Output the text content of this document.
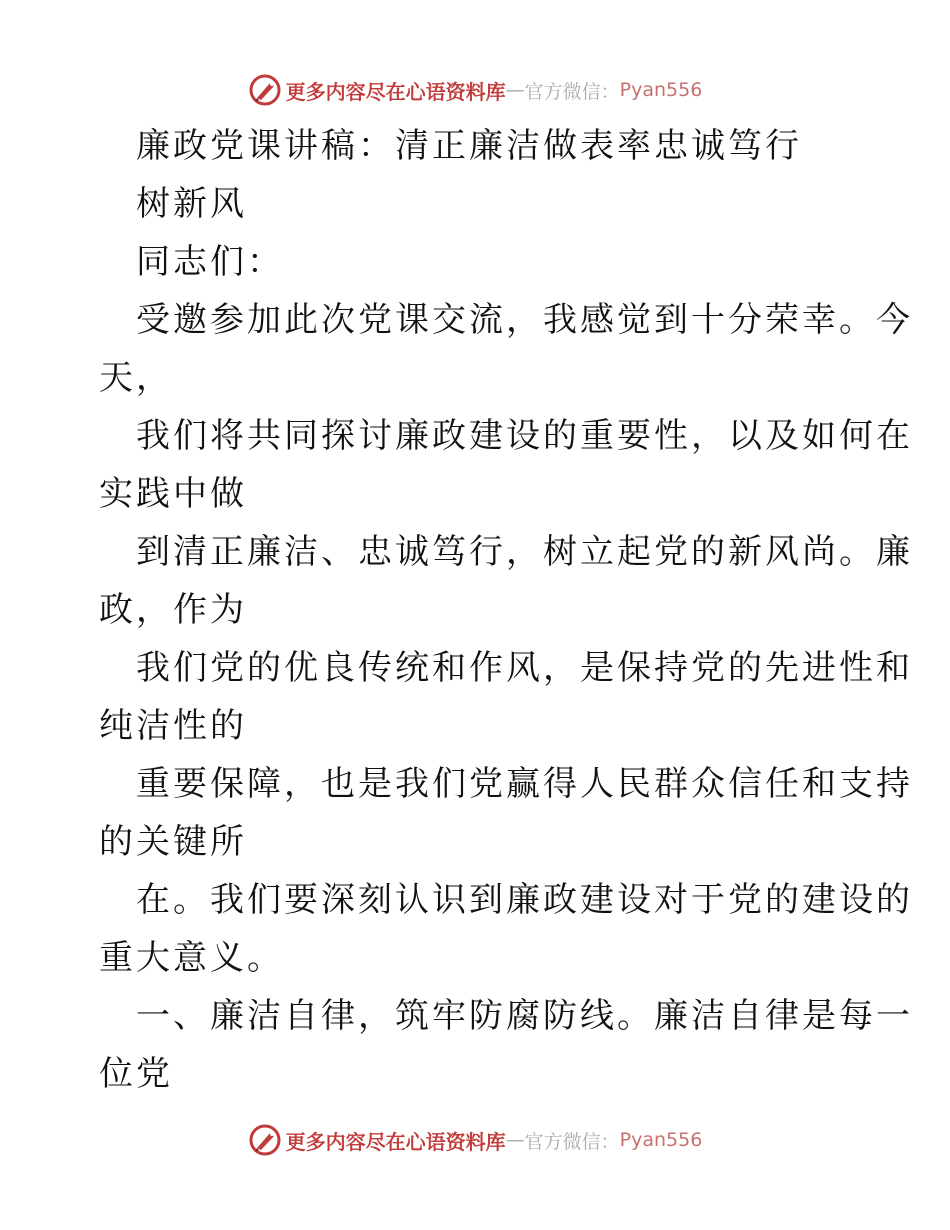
更多内容尽在心语资料库 — 官方微信： Pyan556
廉政党课讲稿：清正廉洁做表率忠诚笃行
树新风
同志们：
受邀参加此次党课交流，我感觉到十分荣幸。今
天，
我们将共同探讨廉政建设的重要性，以及如何在
实践中做
到清正廉洁、忠诚笃行，树立起党的新风尚。廉
政，作为
我们党的优良传统和作风，是保持党的先进性和
纯洁性的
重要保障，也是我们党赢得人民群众信任和支持
的关键所
在。我们要深刻认识到廉政建设对于党的建设的
重大意义。
一、廉洁自律，筑牢防腐防线。廉洁自律是每一
位党
更多内容尽在心语资料库 — 官方微信： Pyan556
